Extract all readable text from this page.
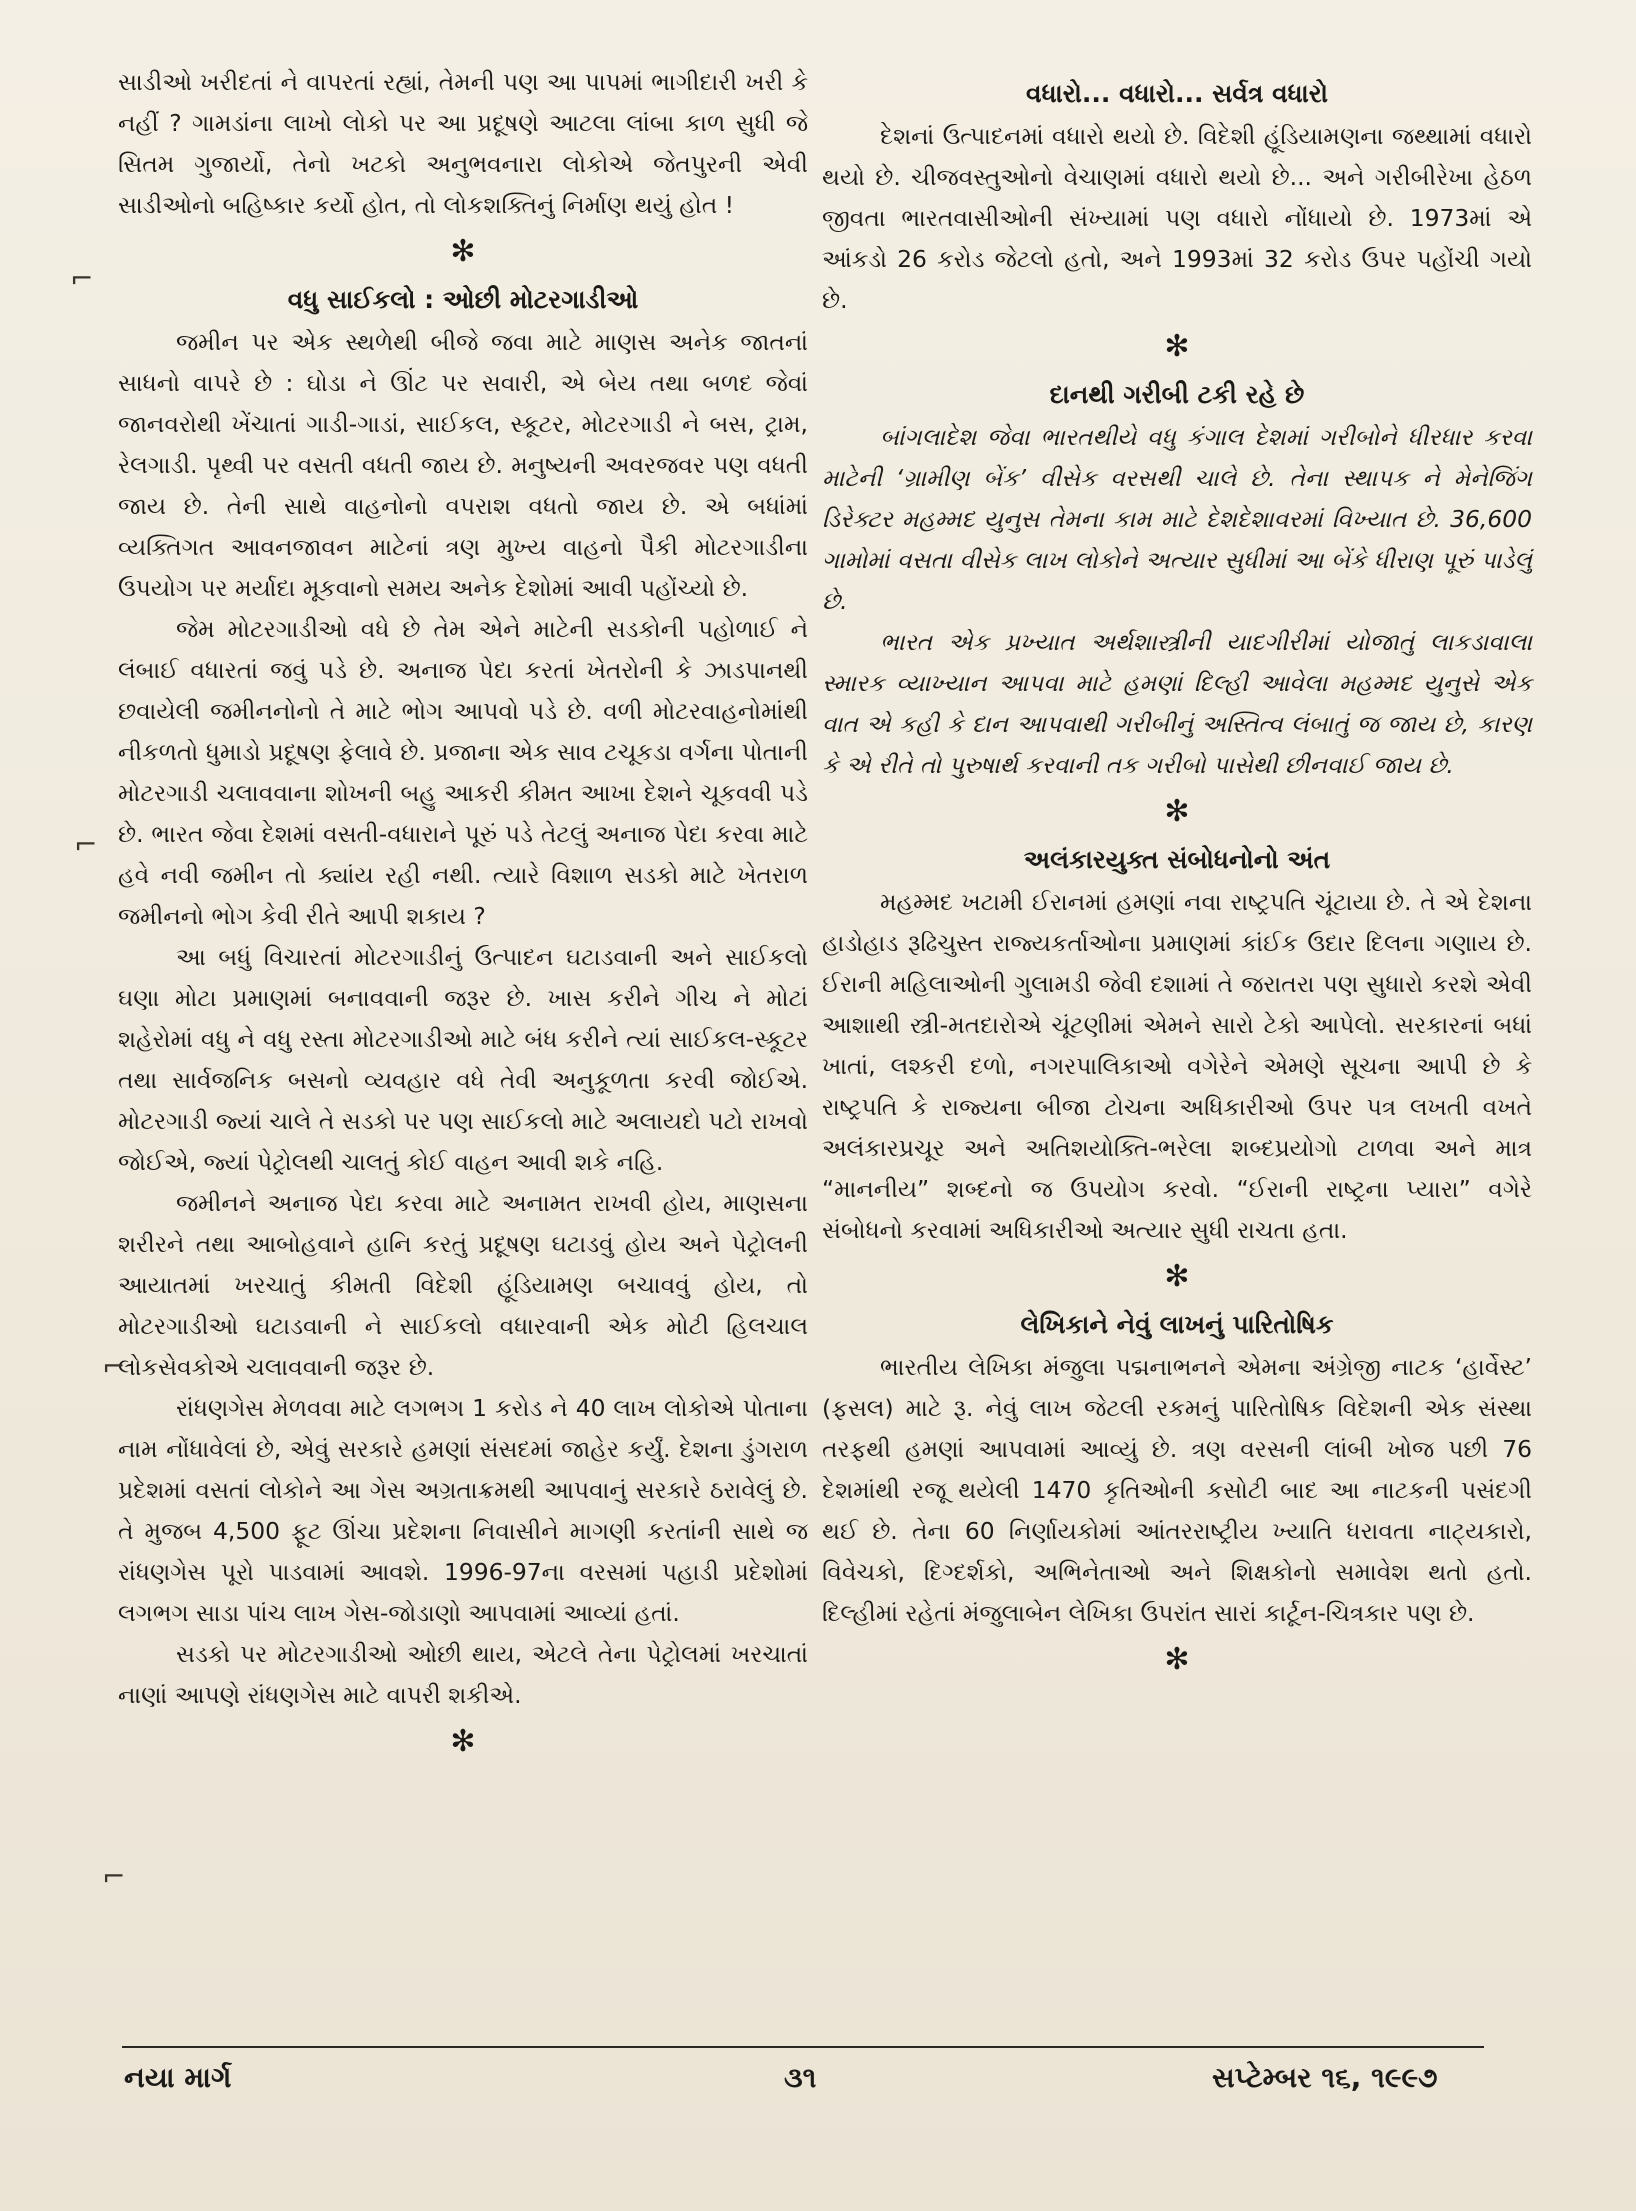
સાડીઓ ખરીદતાં ને વાપરતાં રહ્યાં, તેમની પણ આ પાપમાં ભાગીદારી ખરી કે નહીં ? ગામડાંના લાખો લોકો પર આ પ્રદૂષણે આટલા લાંબા કાળ સુધી જે સિતમ ગુજાર્યો, તેનો ખટકો અનુભવનારા લોકોએ જેતપુરની એવી સાડીઓનો બહિષ્કાર કર્યો હોત, તો લોકશક્તિનું નિર્માણ થયું હોત !

✻
વધુ સાઈકલો : ઓછી મોટરગાડીઓ

જમીન પર એક સ્થળેથી બીજે જવા માટે માણસ અનેક જાતનાં સાધનો વાપરે છે : ઘોડા ને ઊંટ પર સવારી, એ બેય તથા બળદ જેવાં જાનવરોથી ખેંચાતાં ગાડી-ગાડાં, સાઈકલ, સ્કૂટર, મોટરગાડી ને બસ, ટ્રામ, રેલગાડી. પૃથ્વી પર વસતી વધતી જાય છે. મનુષ્યની અવરજવર પણ વધતી જાય છે. તેની સાથે વાહનોનો વપરાશ વધતો જાય છે. એ બધાંમાં વ્યક્તિગત આવનજાવન માટેનાં ત્રણ મુખ્ય વાહનો પૈકી મોટરગાડીના ઉપયોગ પર મર્યાદા મૂકવાનો સમય અનેક દેશોમાં આવી પહોંચ્યો છે.

જેમ મોટરગાડીઓ વધે છે તેમ એને માટેની સડકોની પહોળાઈ ને લંબાઈ વધારતાં જવું પડે છે. અનાજ પેદા કરતાં ખેતરોની કે ઝાડપાનથી છવાયેલી જમીનનોનો તે માટે ભોગ આપવો પડે છે. વળી મોટરવાહનોમાંથી નીકળતો ધુમાડો પ્રદૂષણ ફેલાવે છે. પ્રજાના એક સાવ ટચૂકડા વર્ગના પોતાની મોટરગાડી ચલાવવાના શોખની બહુ આકરી કીમત આખા દેશને ચૂકવવી પડે છે. ભારત જેવા દેશમાં વસતી-વધારાને પૂરું પડે તેટલું અનાજ પેદા કરવા માટે હવે નવી જમીન તો ક્યાંય રહી નથી. ત્યારે વિશાળ સડકો માટે ખેતરાળ જમીનનો ભોગ કેવી રીતે આપી શકાય ?

આ બધું વિચારતાં મોટરગાડીનું ઉત્પાદન ઘટાડવાની અને સાઈકલો ઘણા મોટા પ્રમાણમાં બનાવવાની જરૂર છે. ખાસ કરીને ગીચ ને મોટાં શહેરોમાં વધુ ને વધુ રસ્તા મોટરગાડીઓ માટે બંધ કરીને ત્યાં સાઈકલ-સ્કૂટર તથા સાર્વજનિક બસનો વ્યવહાર વધે તેવી અનુકૂળતા કરવી જોઈએ. મોટરગાડી જ્યાં ચાલે તે સડકો પર પણ સાઈકલો માટે અલાયદો પટો રાખવો જોઈએ, જ્યાં પેટ્રોલથી ચાલતું કોઈ વાહન આવી શકે નહિ.

જમીનને અનાજ પેદા કરવા માટે અનામત રાખવી હોય, માણસના શરીરને તથા આબોહવાને હાનિ કરતું પ્રદૂષણ ઘટાડવું હોય અને પેટ્રોલની આયાતમાં ખરચાતું કીમતી વિદેશી હૂંડિયામણ બચાવવું હોય, તો મોટરગાડીઓ ઘટાડવાની ને સાઈકલો વધારવાની એક મોટી હિલચાલ લોકસેવકોએ ચલાવવાની જરૂર છે.

રાંધણગેસ મેળવવા માટે લગભગ 1 કરોડ ને 40 લાખ લોકોએ પોતાના નામ નોંધાવેલાં છે, એવું સરકારે હમણાં સંસદમાં જાહેર કર્યું. દેશના ડુંગરાળ પ્રદેશમાં વસતાં લોકોને આ ગેસ અગ્રતાક્રમથી આપવાનું સરકારે ઠરાવેલું છે. તે મુજબ 4,500 ફૂટ ઊંચા પ્રદેશના નિવાસીને માગણી કરતાંની સાથે જ રાંધણગેસ પૂરો પાડવામાં આવશે. 1996-97ના વરસમાં પહાડી પ્રદેશોમાં લગભગ સાડા પાંચ લાખ ગેસ-જોડાણો આપવામાં આવ્યાં હતાં.

સડકો પર મોટરગાડીઓ ઓછી થાય, એટલે તેના પેટ્રોલમાં ખરચાતાં નાણાં આપણે રાંધણગેસ માટે વાપરી શકીએ.

✻
વધારો... વધારો... સર્વત્ર વધારો

દેશનાં ઉત્પાદનમાં વધારો થયો છે. વિદેશી હૂંડિયામણના જથ્થામાં વધારો થયો છે. ચીજવસ્તુઓનો વેચાણમાં વધારો થયો છે... અને ગરીબીરેખા હેઠળ જીવતા ભારતવાસીઓની સંખ્યામાં પણ વધારો નોંધાયો છે. 1973માં એ આંકડો 26 કરોડ જેટલો હતો, અને 1993માં 32 કરોડ ઉપર પહોંચી ગયો છે.

✻
દાનથી ગરીબી ટકી રહે છે

બાંગલાદેશ જેવા ભારતથીયે વધુ કંગાલ દેશમાં ગરીબોને ધીરધાર કરવા માટેની ‘ગ્રામીણ બેંક’ વીસેક વરસથી ચાલે છે. તેના સ્થાપક ને મેનેજિંગ ડિરેક્ટર મહમ્મદ યુનુસ તેમના કામ માટે દેશદેશાવરમાં વિખ્યાત છે. 36,600 ગામોમાં વસતા વીસેક લાખ લોકોને અત્યાર સુધીમાં આ બેંકે ધીરાણ પૂરું પાડેલું છે.

ભારત એક પ્રખ્યાત અર્થશાસ્ત્રીની યાદગીરીમાં યોજાતું લાકડાવાલા સ્મારક વ્યાખ્યાન આપવા માટે હમણાં દિલ્હી આવેલા મહમ્મદ યુનુસે એક વાત એ કહી કે દાન આપવાથી ગરીબીનું અસ્તિત્વ લંબાતું જ જાય છે, કારણ કે એ રીતે તો પુરુષાર્થ કરવાની તક ગરીબો પાસેથી છીનવાઈ જાય છે.

✻
અલંકારયુક્ત સંબોધનોનો અંત

મહમ્મદ ખટામી ઈરાનમાં હમણાં નવા રાષ્ટ્રપતિ ચૂંટાયા છે. તે એ દેશના હાડોહાડ રૂઢિચુસ્ત રાજ્યકર્તાઓના પ્રમાણમાં કાંઈક ઉદાર દિલના ગણાય છે. ઈરાની મહિલાઓની ગુલામડી જેવી દશામાં તે જરાતરા પણ સુધારો કરશે એવી આશાથી સ્ત્રી-મતદારોએ ચૂંટણીમાં એમને સારો ટેકો આપેલો. સરકારનાં બધાં ખાતાં, લશ્કરી દળો, નગરપાલિકાઓ વગેરેને એમણે સૂચના આપી છે કે રાષ્ટ્રપતિ કે રાજ્યના બીજા ટોચના અધિકારીઓ ઉપર પત્ર લખતી વખતે અલંકારપ્રચૂર અને અતિશયોક્તિ-ભરેલા શબ્દપ્રયોગો ટાળવા અને માત્ર “માનનીય” શબ્દનો જ ઉપયોગ કરવો. “ઈરાની રાષ્ટ્રના પ્યારા” વગેરે સંબોધનો કરવામાં અધિકારીઓ અત્યાર સુધી રાચતા હતા.

✻
લેખિકાને નેવું લાખનું પારિતોષિક

ભારતીય લેખિકા મંજુલા પદ્મનાભનને એમના અંગ્રેજી નાટક ‘હાર્વેસ્ટ’ (ફસલ) માટે રૂ. નેવું લાખ જેટલી રકમનું પારિતોષિક વિદેશની એક સંસ્થા તરફથી હમણાં આપવામાં આવ્યું છે. ત્રણ વરસની લાંબી ખોજ પછી 76 દેશમાંથી રજૂ થયેલી 1470 કૃતિઓની કસોટી બાદ આ નાટકની પસંદગી થઈ છે. તેના 60 નિર્ણાયકોમાં આંતરરાષ્ટ્રીય ખ્યાતિ ધરાવતા નાટ્યકારો, વિવેચકો, દિગ્દર્શકો, અભિનેતાઓ અને શિક્ષકોનો સમાવેશ થતો હતો. દિલ્હીમાં રહેતાં મંજુલાબેન લેખિકા ઉપરાંત સારાં કાર્ટૂન-ચિત્રકાર પણ છે.

✻
નયા માર્ગ	૩૧	સપ્ટેમ્બર ૧૬, ૧૯૯૭
⌐
⌐
⌐
⌐
